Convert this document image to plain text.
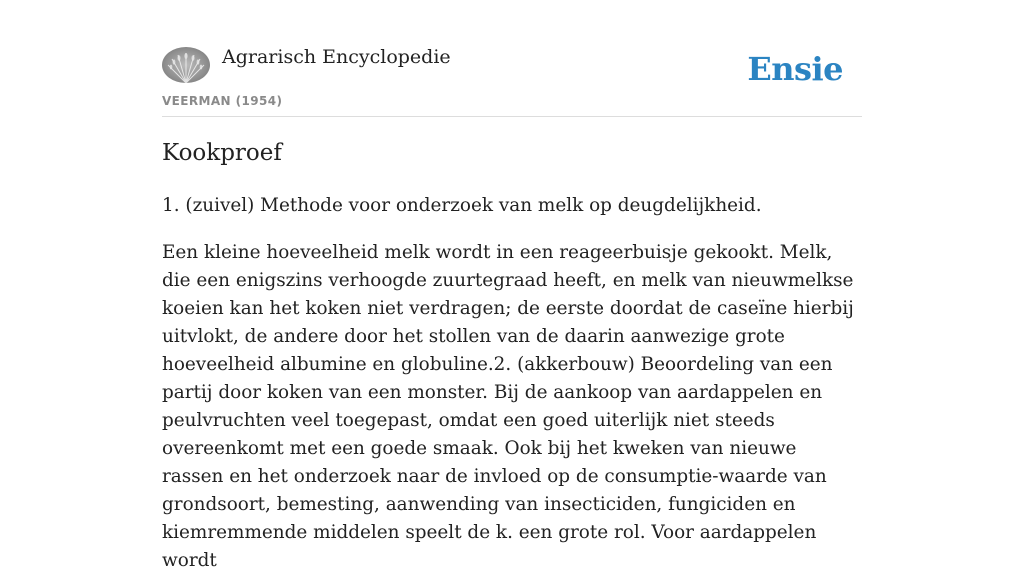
Agrarisch Encyclopedie
VEERMAN (1954)
Ensie
Kookproef

1. (zuivel) Methode voor onderzoek van melk op deugdelijkheid.

Een kleine hoeveelheid melk wordt in een reageerbuisje gekookt. Melk, die een enigszins verhoogde zuurtegraad heeft, en melk van nieuwmelkse koeien kan het koken niet verdragen; de eerste doordat de caseïne hierbij uitvlokt, de andere door het stollen van de daarin aanwezige grote hoeveelheid albumine en globuline.2. (akkerbouw) Beoordeling van een partij door koken van een monster. Bij de aankoop van aardappelen en peulvruchten veel toegepast, omdat een goed uiterlijk niet steeds overeenkomt met een goede smaak. Ook bij het kweken van nieuwe rassen en het onderzoek naar de invloed op de consumptie-waarde van grondsoort, bemesting, aanwending van insecticiden, fungiciden en kiemremmende middelen speelt de k. een grote rol. Voor aardappelen wordt
